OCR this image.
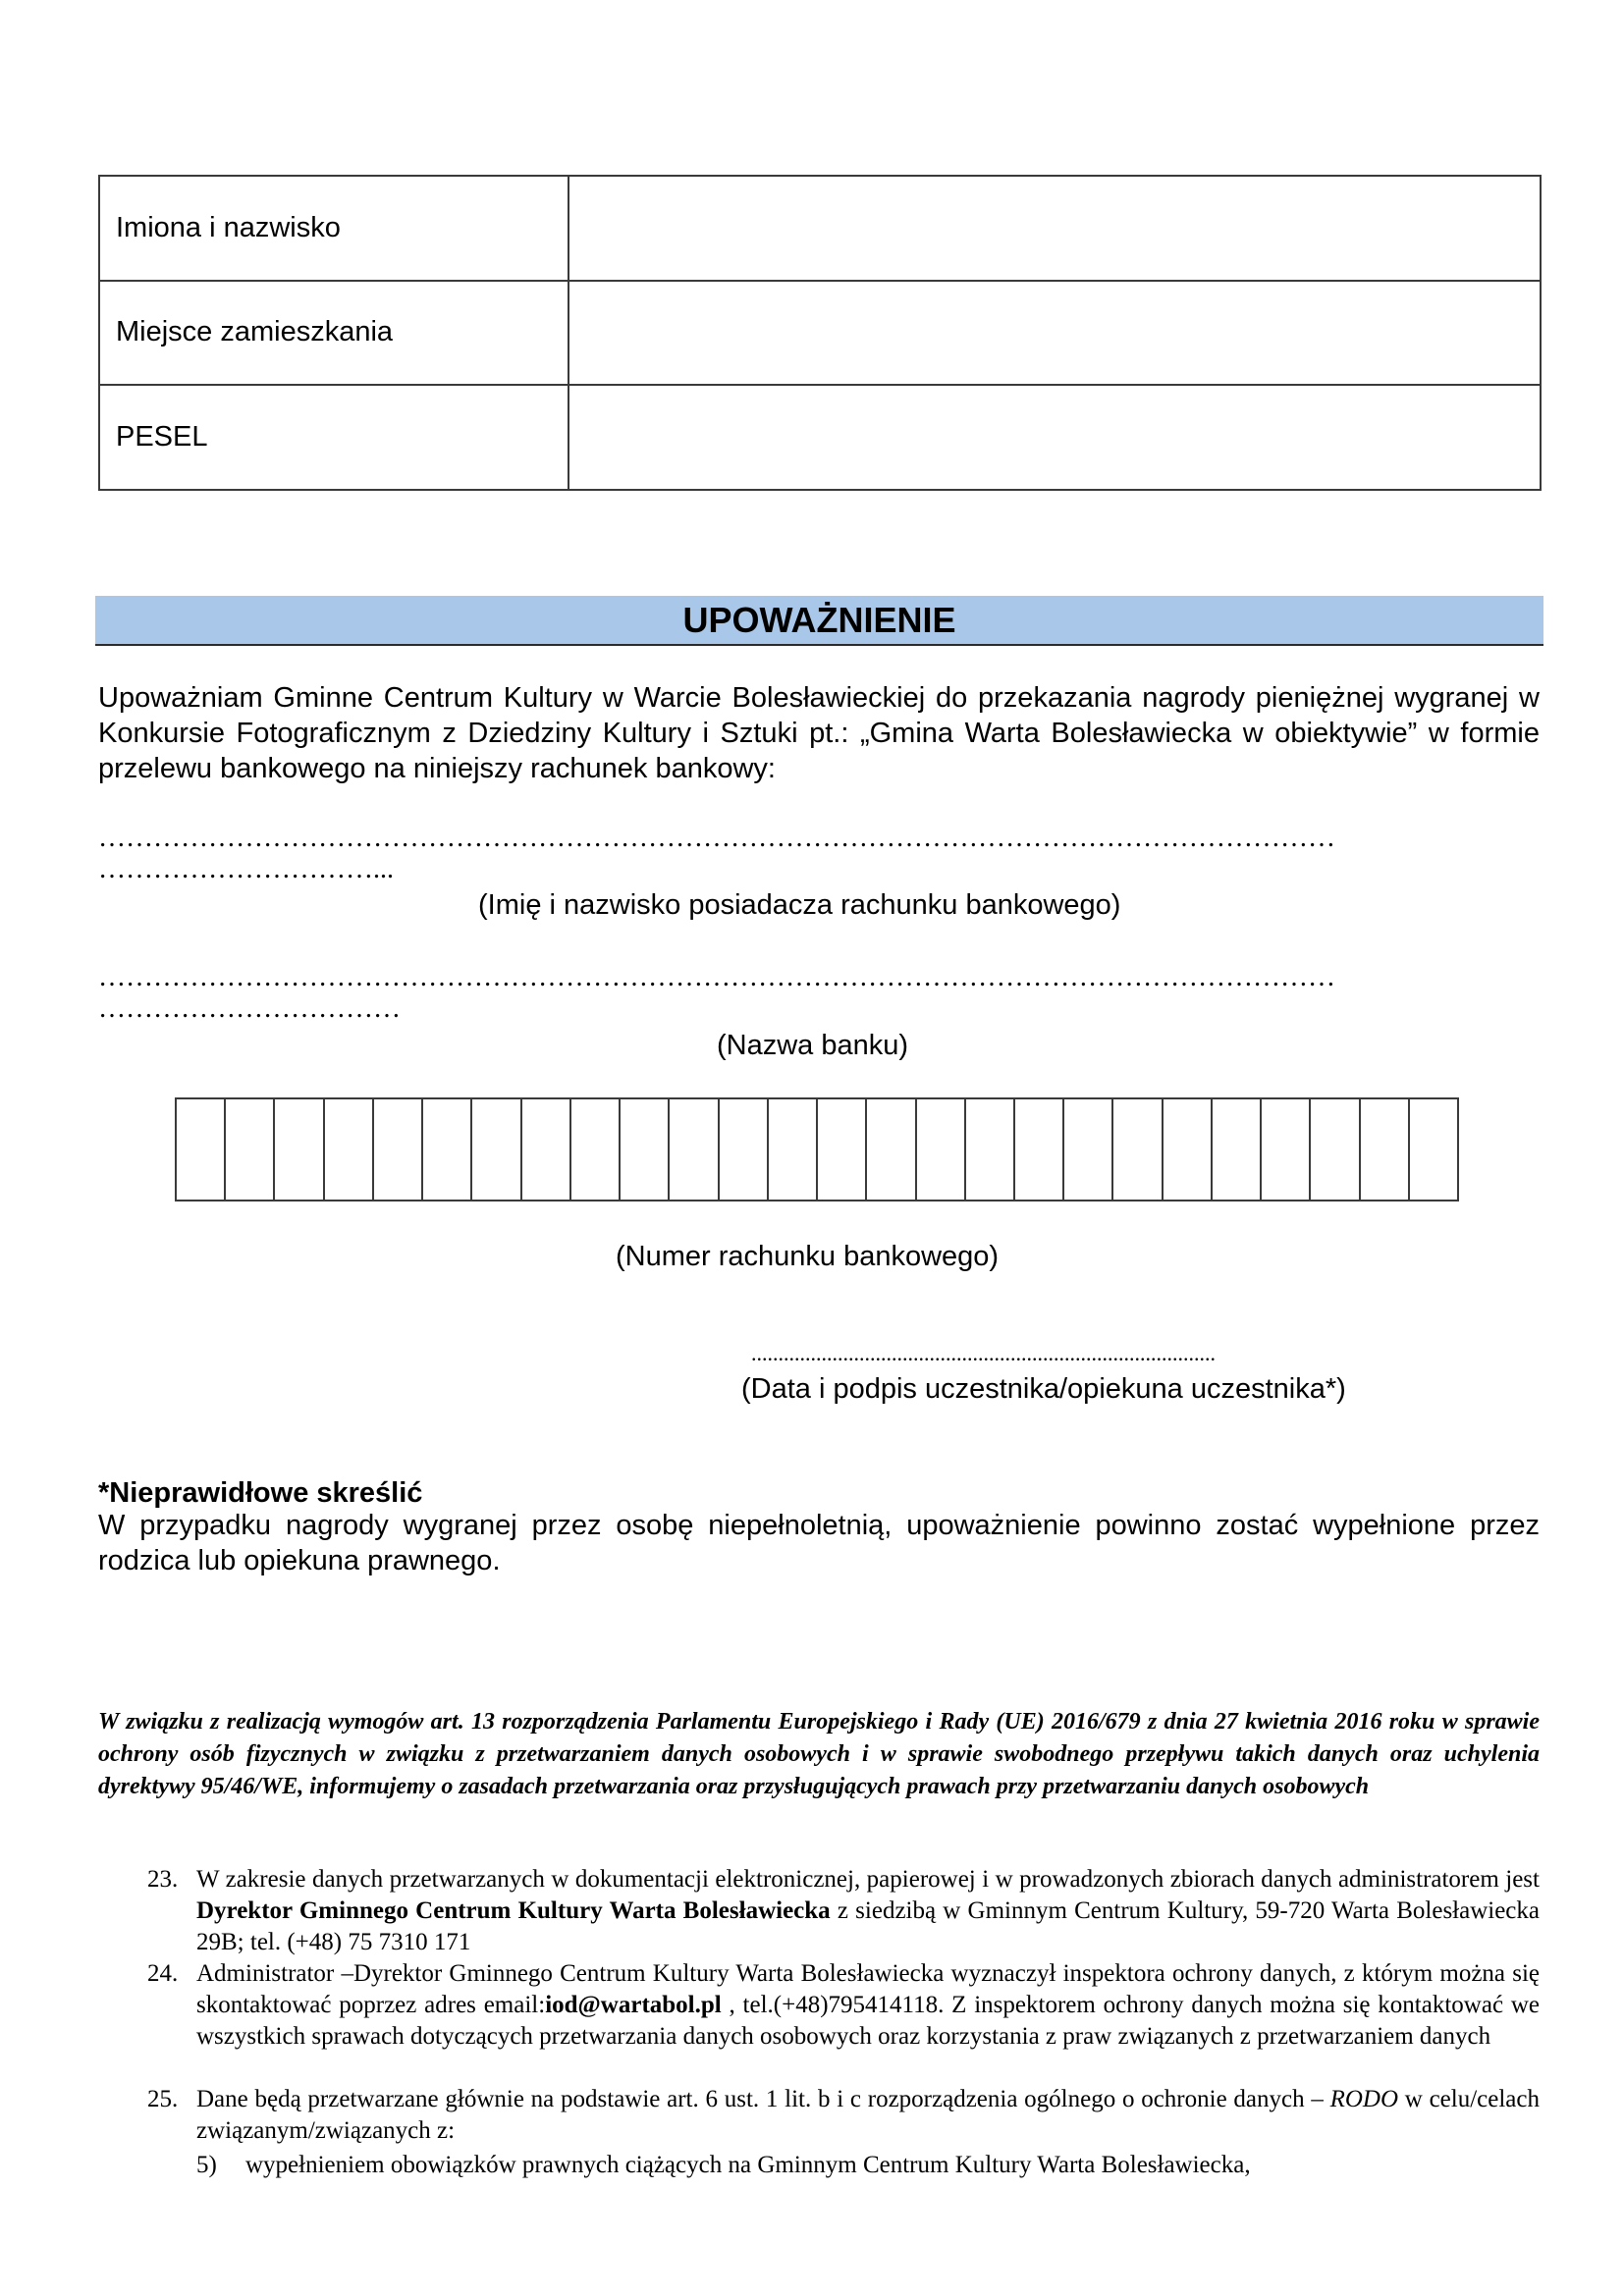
Imiona i nazwisko	
Miejsce zamieszkania	
PESEL	
UPOWAŻNIENIE
Upoważniam Gminne Centrum Kultury w Warcie Bolesławieckiej do przekazania nagrody pieniężnej wygranej w Konkursie Fotograficznym z Dziedziny Kultury i Sztuki pt.: „Gmina Warta Bolesławiecka w obiektywie” w formie przelewu bankowego na niniejszy rachunek bankowy:
………………………………………………………………………………………………………………………
…………………………...
(Imię i nazwisko posiadacza rachunku bankowego)
………………………………………………………………………………………………………………………
……………………………
(Nazwa banku)
(Numer rachunku bankowego)
......................................................................................
(Data i podpis uczestnika/opiekuna uczestnika*)
*Nieprawidłowe skreślić
W przypadku nagrody wygranej przez osobę niepełnoletnią, upoważnienie powinno zostać wypełnione przez rodzica lub opiekuna prawnego.
W związku z realizacją wymogów art. 13 rozporządzenia Parlamentu Europejskiego i Rady (UE) 2016/679 z dnia 27 kwietnia 2016 roku w sprawie ochrony osób fizycznych w związku z przetwarzaniem danych osobowych i w sprawie swobodnego przepływu takich danych oraz uchylenia dyrektywy 95/46/WE, informujemy o zasadach przetwarzania oraz przysługujących prawach przy przetwarzaniu danych osobowych
23. W zakresie danych przetwarzanych w dokumentacji elektronicznej, papierowej i w prowadzonych zbiorach danych administratorem jest Dyrektor Gminnego Centrum Kultury Warta Bolesławiecka z siedzibą w Gminnym Centrum Kultury, 59-720 Warta Bolesławiecka 29B; tel. (+48) 75 7310 171
24. Administrator –Dyrektor Gminnego Centrum Kultury Warta Bolesławiecka wyznaczył inspektora ochrony danych, z którym można się skontaktować poprzez adres email:iod@wartabol.pl , tel.(+48)795414118. Z inspektorem ochrony danych można się kontaktować we wszystkich sprawach dotyczących przetwarzania danych osobowych oraz korzystania z praw związanych z przetwarzaniem danych
25. Dane będą przetwarzane głównie na podstawie art. 6 ust. 1 lit. b i c rozporządzenia ogólnego o ochronie danych – RODO w celu/celach związanym/związanych z:
5) wypełnieniem obowiązków prawnych ciążących na Gminnym Centrum Kultury Warta Bolesławiecka,
